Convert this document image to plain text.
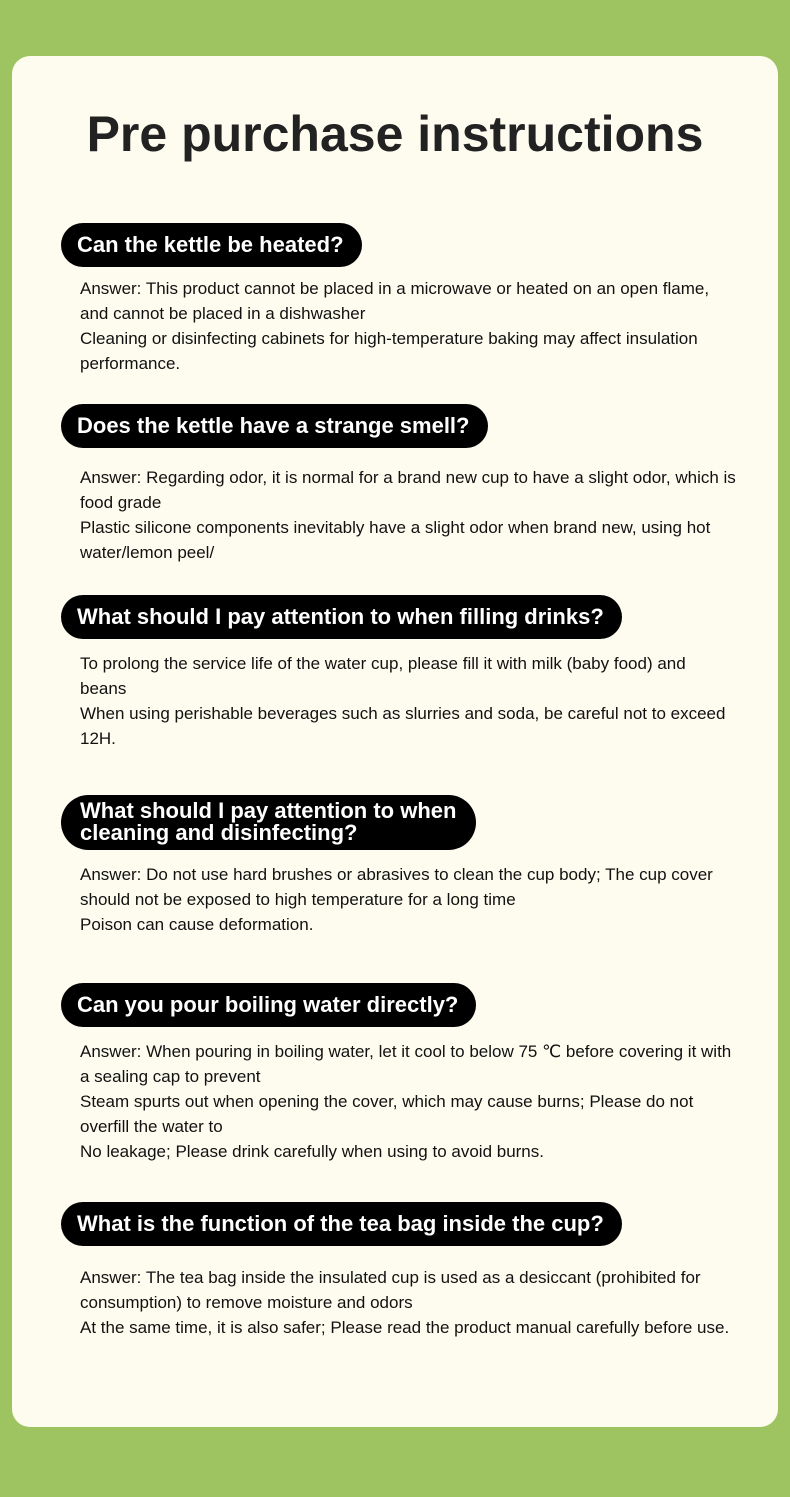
Pre purchase instructions
Can the kettle be heated?

Answer: This product cannot be placed in a microwave or heated on an open flame, and cannot be placed in a dishwasher

Cleaning or disinfecting cabinets for high-temperature baking may affect insulation performance.

Does the kettle have a strange smell?

Answer: Regarding odor, it is normal for a brand new cup to have a slight odor, which is food grade

Plastic silicone components inevitably have a slight odor when brand new, using hot water/lemon peel/

What should I pay attention to when filling drinks?

To prolong the service life of the water cup, please fill it with milk (baby food) and beans

When using perishable beverages such as slurries and soda, be careful not to exceed 12H.

What should I pay attention to when
cleaning and disinfecting?

Answer: Do not use hard brushes or abrasives to clean the cup body; The cup cover should not be exposed to high temperature for a long time

Poison can cause deformation.

Can you pour boiling water directly?

Answer: When pouring in boiling water, let it cool to below 75 ℃ before covering it with a sealing cap to prevent

Steam spurts out when opening the cover, which may cause burns; Please do not overfill the water to

No leakage; Please drink carefully when using to avoid burns.

What is the function of the tea bag inside the cup?

Answer: The tea bag inside the insulated cup is used as a desiccant (prohibited for consumption) to remove moisture and odors

At the same time, it is also safer; Please read the product manual carefully before use.
